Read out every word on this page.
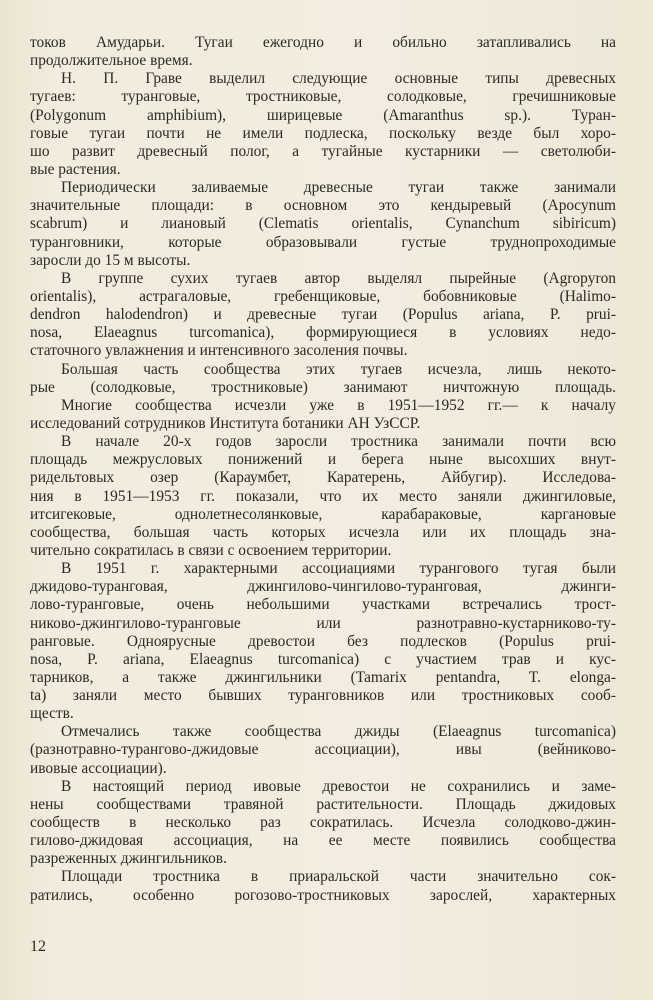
токов Амударьи. Тугаи ежегодно и обильно затапливались на
продолжительное время.
Н. П. Граве выделил следующие основные типы древесных
тугаев: туранговые, тростниковые, солодковые, гречишниковые
(Polygonum amphibium), ширицевые (Amaranthus sp.). Туран-
говые тугаи почти не имели подлеска, поскольку везде был хоро-
шо развит древесный полог, а тугайные кустарники — светолюби-
вые растения.
Периодически заливаемые древесные тугаи также занимали
значительные площади: в основном это кендыревый (Apocynum
scabrum) и лиановый (Clematis orientalis, Cynanchum sibiricum)
туранговники, которые образовывали густые труднопроходимые
заросли до 15 м высоты.
В группе сухих тугаев автор выделял пырейные (Agropyron
orientalis), астрагаловые, гребенщиковые, бобовниковые (Halimo-
dendron halodendron) и древесные тугаи (Populus ariana, P. prui-
nosa, Elaeagnus turcomanica), формирующиеся в условиях недо-
статочного увлажнения и интенсивного засоления почвы.
Большая часть сообщества этих тугаев исчезла, лишь некото-
рые (солодковые, тростниковые) занимают ничтожную площадь.
Многие сообщества исчезли уже в 1951—1952 гг.— к началу
исследований сотрудников Института ботаники АН УзССР.
В начале 20-х годов заросли тростника занимали почти всю
площадь межрусловых понижений и берега ныне высохших внут-
ридельтовых озер (Караумбет, Каратерень, Айбугир). Исследова-
ния в 1951—1953 гг. показали, что их место заняли джингиловые,
итсигековые, однолетнесолянковые, карабараковые, каргановые
сообщества, большая часть которых исчезла или их площадь зна-
чительно сократилась в связи с освоением территории.
В 1951 г. характерными ассоциациями турангового тугая были
джидово-туранговая, джингилово-чингилово-туранговая, джинги-
лово-туранговые, очень небольшими участками встречались трост-
никово-джингилово-туранговые или разнотравно-кустарниково-ту-
ранговые. Одноярусные древостои без подлесков (Populus prui-
nosa, P. ariana, Elaeagnus turcomanica) с участием трав и кус-
тарников, а также джингильники (Tamarix pentandra, T. elonga-
ta) заняли место бывших туранговников или тростниковых сооб-
ществ.
Отмечались также сообщества джиды (Elaeagnus turcomanica)
(разнотравно-турангово-джидовые ассоциации), ивы (вейниково-
ивовые ассоциации).
В настоящий период ивовые древостои не сохранились и заме-
нены сообществами травяной растительности. Площадь джидовых
сообществ в несколько раз сократилась. Исчезла солодково-джин-
гилово-джидовая ассоциация, на ее месте появились сообщества
разреженных джингильников.
Площади тростника в приаральской части значительно сок-
ратились, особенно рогозово-тростниковых зарослей, характерных
12
